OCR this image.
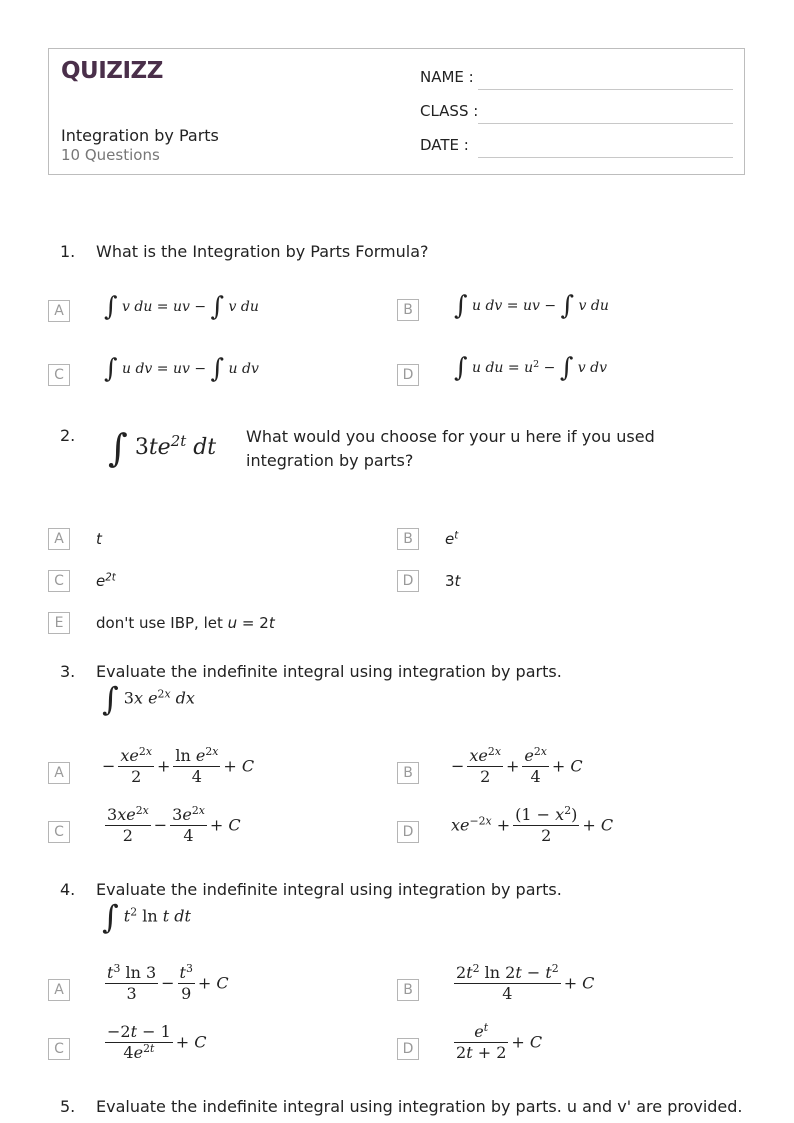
QUIZIZZ
Integration by Parts
10 Questions
NAME :
CLASS :
DATE :
1. What is the Integration by Parts Formula?
A ∫ v du = uv − ∫ v du	B ∫ u dv = uv − ∫ v du
C ∫ u dv = uv − ∫ u dv	D ∫ u du = $u^2$ − ∫ v dv
2. ∫ $3te^{2t}$ dt What would you choose for your u here if you used integration by parts?
A	t	B	$e^t$
C	$e^{2t}$	D	3t
E	don't use IBP, let u = 2t
3. Evaluate the indefinite integral using integration by parts.
∫ 3x $e^{2x}$ dx
A	− $\frac{xe^{2x}}{2} + \frac{\ln e^{2x}}{4} + C$	B	− $\frac{xe^{2x}}{2} + \frac{e^{2x}}{4} + C$
C	$\frac{3xe^{2x}}{2} - \frac{3e^{2x}}{4} + C$	D	$xe^{-2x} + \frac{(1 - x^2)}{2} + C$
4. Evaluate the indefinite integral using integration by parts.
∫ $t^2$ ln t dt
A	$\frac{t^3 \ln 3}{3} - \frac{t^3}{9} + C$	B	$\frac{2t^2 \ln 2t - t^2}{4} + C$
C	$\frac{-2t - 1}{4e^{2t}} + C$	D	$\frac{e^t}{2t + 2} + C$
5. Evaluate the indefinite integral using integration by parts. u and v' are provided.
